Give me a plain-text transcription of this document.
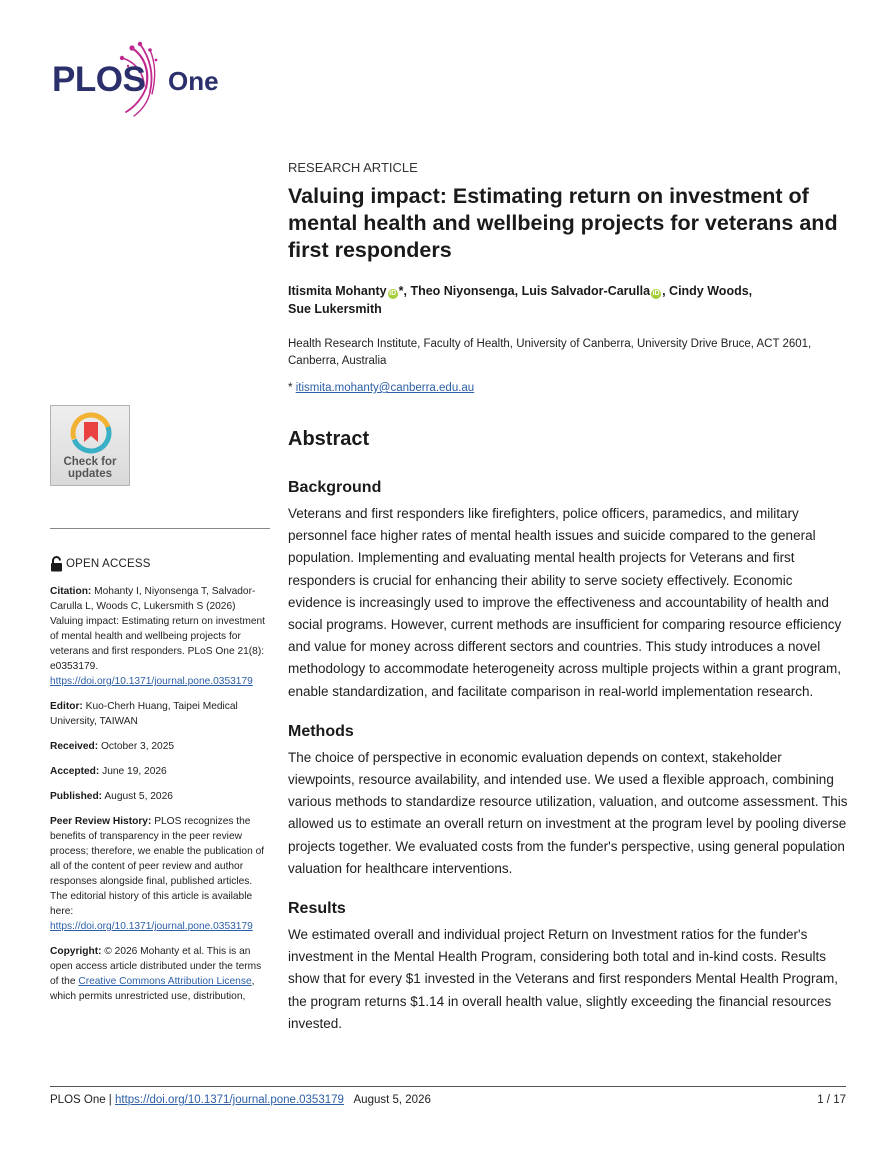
PLOS One
RESEARCH ARTICLE
Valuing impact: Estimating return on investment of mental health and wellbeing projects for veterans and first responders
Itismita Mohanty iD *, Theo Niyonsenga, Luis Salvador-Carulla iD , Cindy Woods,
Sue Lukersmith
Health Research Institute, Faculty of Health, University of Canberra, University Drive Bruce, ACT 2601, Canberra, Australia
* itismita.mohanty@canberra.edu.au
Abstract
Background
Veterans and first responders like firefighters, police officers, paramedics, and military personnel face higher rates of mental health issues and suicide compared to the general population. Implementing and evaluating mental health projects for Veterans and first responders is crucial for enhancing their ability to serve society effectively. Economic evidence is increasingly used to improve the effectiveness and accountability of health and social programs. However, current methods are insufficient for comparing resource efficiency and value for money across different sectors and countries. This study introduces a novel methodology to accommodate heterogeneity across multiple projects within a grant program, enable standardization, and facilitate comparison in real-world implementation research.
Methods
The choice of perspective in economic evaluation depends on context, stakeholder viewpoints, resource availability, and intended use. We used a flexible approach, combining various methods to standardize resource utilization, valuation, and outcome assessment. This allowed us to estimate an overall return on investment at the program level by pooling diverse projects together. We evaluated costs from the funder's perspective, using general population valuation for healthcare interventions.
Results
We estimated overall and individual project Return on Investment ratios for the funder's investment in the Mental Health Program, considering both total and in-kind costs. Results show that for every $1 invested in the Veterans and first responders Mental Health Program, the program returns $1.14 in overall health value, slightly exceeding the financial resources invested.
Check for
updates
OPEN ACCESS

Citation: Mohanty I, Niyonsenga T, Salvador-Carulla L, Woods C, Lukersmith S (2026) Valuing impact: Estimating return on investment of mental health and wellbeing projects for veterans and first responders. PLoS One 21(8): e0353179. https://doi.org/10.1371/journal.pone.0353179

Editor: Kuo-Cherh Huang, Taipei Medical University, TAIWAN

Received: October 3, 2025

Accepted: June 19, 2026

Published: August 5, 2026

Peer Review History: PLOS recognizes the benefits of transparency in the peer review process; therefore, we enable the publication of all of the content of peer review and author responses alongside final, published articles. The editorial history of this article is available here: https://doi.org/10.1371/journal.pone.0353179

Copyright: © 2026 Mohanty et al. This is an open access article distributed under the terms of the Creative Commons Attribution License, which permits unrestricted use, distribution,

PLOS One | https://doi.org/10.1371/journal.pone.0353179 August 5, 2026	1 / 17
